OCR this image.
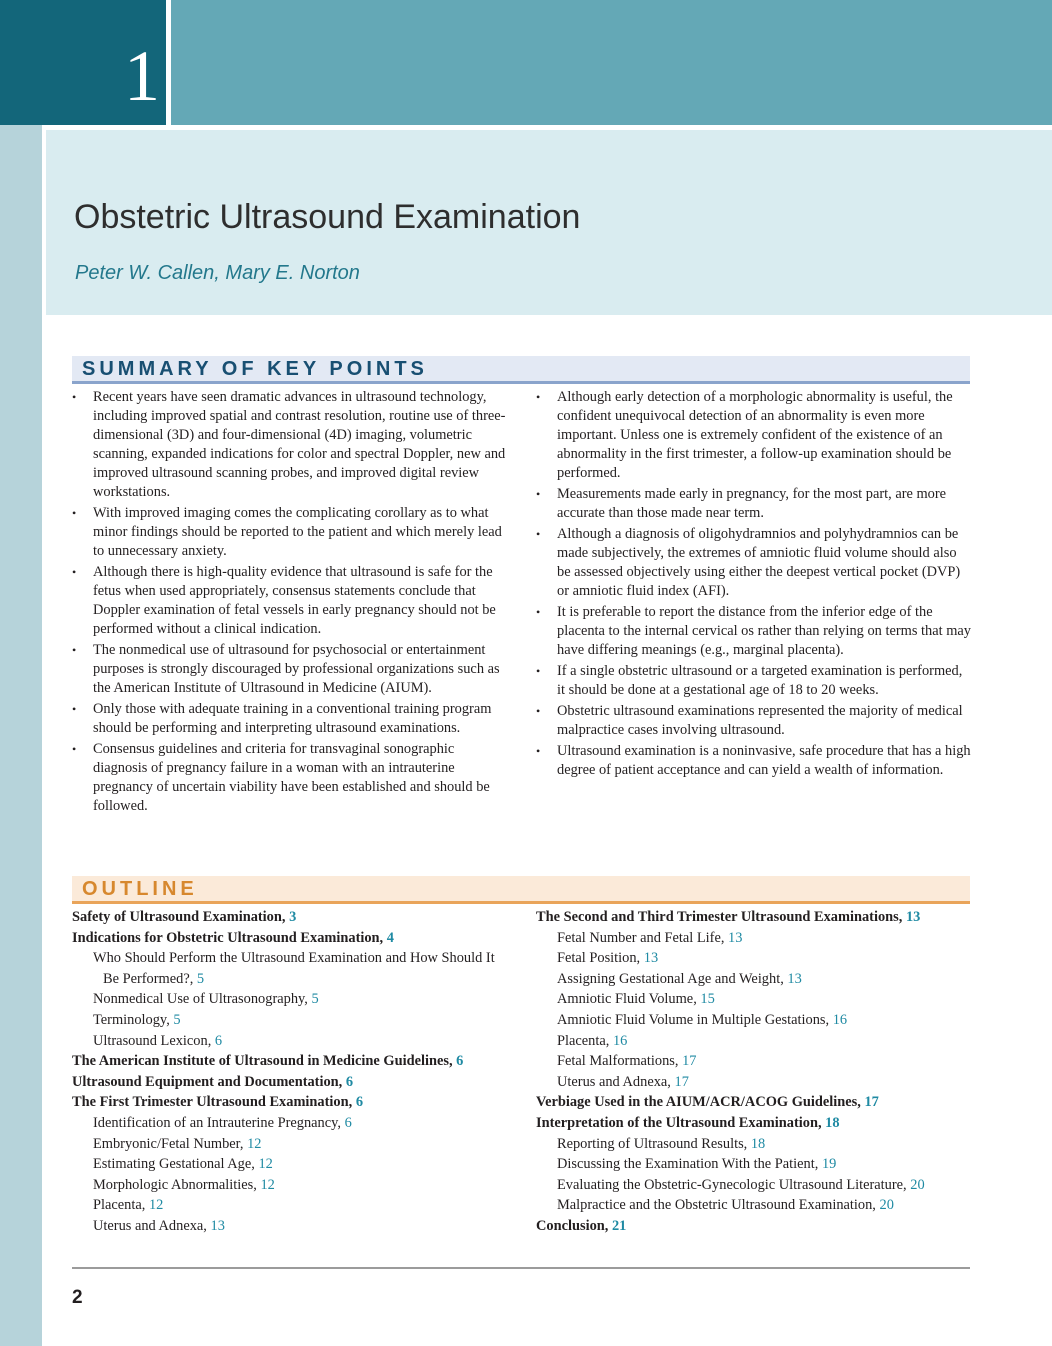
1
Obstetric Ultrasound Examination
Peter W. Callen, Mary E. Norton
SUMMARY OF KEY POINTS
• Recent years have seen dramatic advances in ultrasound technology, including improved spatial and contrast resolution, routine use of three-dimensional (3D) and four-dimensional (4D) imaging, volumetric scanning, expanded indications for color and spectral Doppler, new and improved ultrasound scanning probes, and improved digital review workstations.
• With improved imaging comes the complicating corollary as to what minor findings should be reported to the patient and which merely lead to unnecessary anxiety.
• Although there is high-quality evidence that ultrasound is safe for the fetus when used appropriately, consensus statements conclude that Doppler examination of fetal vessels in early pregnancy should not be performed without a clinical indication.
• The nonmedical use of ultrasound for psychosocial or entertainment purposes is strongly discouraged by professional organizations such as the American Institute of Ultrasound in Medicine (AIUM).
• Only those with adequate training in a conventional training program should be performing and interpreting ultrasound examinations.
• Consensus guidelines and criteria for transvaginal sonographic diagnosis of pregnancy failure in a woman with an intrauterine pregnancy of uncertain viability have been established and should be followed.
• Although early detection of a morphologic abnormality is useful, the confident unequivocal detection of an abnormality is even more important. Unless one is extremely confident of the existence of an abnormality in the first trimester, a follow-up examination should be performed.
• Measurements made early in pregnancy, for the most part, are more accurate than those made near term.
• Although a diagnosis of oligohydramnios and polyhydramnios can be made subjectively, the extremes of amniotic fluid volume should also be assessed objectively using either the deepest vertical pocket (DVP) or amniotic fluid index (AFI).
• It is preferable to report the distance from the inferior edge of the placenta to the internal cervical os rather than relying on terms that may have differing meanings (e.g., marginal placenta).
• If a single obstetric ultrasound or a targeted examination is performed, it should be done at a gestational age of 18 to 20 weeks.
• Obstetric ultrasound examinations represented the majority of medical malpractice cases involving ultrasound.
• Ultrasound examination is a noninvasive, safe procedure that has a high degree of patient acceptance and can yield a wealth of information.
OUTLINE
Safety of Ultrasound Examination, 3
Indications for Obstetric Ultrasound Examination, 4
Who Should Perform the Ultrasound Examination and How Should It Be Performed?, 5
Nonmedical Use of Ultrasonography, 5
Terminology, 5
Ultrasound Lexicon, 6
The American Institute of Ultrasound in Medicine Guidelines, 6
Ultrasound Equipment and Documentation, 6
The First Trimester Ultrasound Examination, 6
Identification of an Intrauterine Pregnancy, 6
Embryonic/Fetal Number, 12
Estimating Gestational Age, 12
Morphologic Abnormalities, 12
Placenta, 12
Uterus and Adnexa, 13
The Second and Third Trimester Ultrasound Examinations, 13
Fetal Number and Fetal Life, 13
Fetal Position, 13
Assigning Gestational Age and Weight, 13
Amniotic Fluid Volume, 15
Amniotic Fluid Volume in Multiple Gestations, 16
Placenta, 16
Fetal Malformations, 17
Uterus and Adnexa, 17
Verbiage Used in the AIUM/ACR/ACOG Guidelines, 17
Interpretation of the Ultrasound Examination, 18
Reporting of Ultrasound Results, 18
Discussing the Examination With the Patient, 19
Evaluating the Obstetric-Gynecologic Ultrasound Literature, 20
Malpractice and the Obstetric Ultrasound Examination, 20
Conclusion, 21
2
